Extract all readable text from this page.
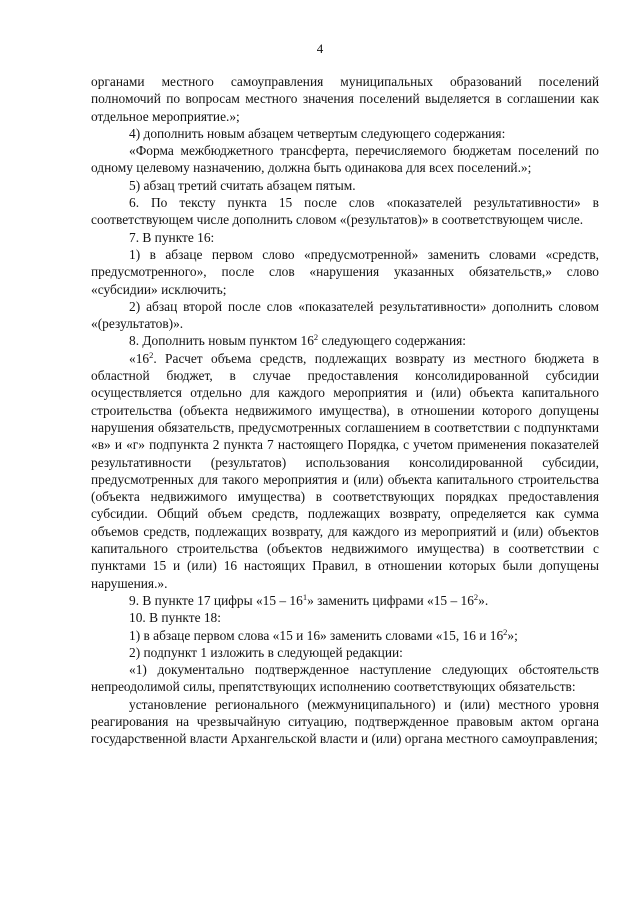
4

органами местного самоуправления муниципальных образований поселений полномочий по вопросам местного значения поселений выделяется в соглашении как отдельное мероприятие.»;

4) дополнить новым абзацем четвертым следующего содержания:

«Форма межбюджетного трансферта, перечисляемого бюджетам поселений по одному целевому назначению, должна быть одинакова для всех поселений.»;

5) абзац третий считать абзацем пятым.

6. По тексту пункта 15 после слов «показателей результативности» в соответствующем числе дополнить словом «(результатов)» в соответствующем числе.

7. В пункте 16:

1) в абзаце первом слово «предусмотренной» заменить словами «средств, предусмотренного», после слов «нарушения указанных обязательств,» слово «субсидии» исключить;

2) абзац второй после слов «показателей результативности» дополнить словом «(результатов)».

8. Дополнить новым пунктом $16^2$ следующего содержания:

«$16^2$. Расчет объема средств, подлежащих возврату из местного бюджета в областной бюджет, в случае предоставления консолидированной субсидии осуществляется отдельно для каждого мероприятия и (или) объекта капитального строительства (объекта недвижимого имущества), в отношении которого допущены нарушения обязательств, предусмотренных соглашением в соответствии с подпунктами «в» и «г» подпункта 2 пункта 7 настоящего Порядка, с учетом применения показателей результативности (результатов) использования консолидированной субсидии, предусмотренных для такого мероприятия и (или) объекта капитального строительства (объекта недвижимого имущества) в соответствующих порядках предоставления субсидии. Общий объем средств, подлежащих возврату, определяется как сумма объемов средств, подлежащих возврату, для каждого из мероприятий и (или) объектов капитального строительства (объектов недвижимого имущества) в соответствии с пунктами 15 и (или) 16 настоящих Правил, в отношении которых были допущены нарушения.».

9. В пункте 17 цифры «$15 - 16^1$» заменить цифрами «$15 - 16^2$».

10. В пункте 18:

1) в абзаце первом слова «15 и 16» заменить словами «15, 16 и $16^2$»;

2) подпункт 1 изложить в следующей редакции:

«1) документально подтвержденное наступление следующих обстоятельств непреодолимой силы, препятствующих исполнению соответствующих обязательств:

установление регионального (межмуниципального) и (или) местного уровня реагирования на чрезвычайную ситуацию, подтвержденное правовым актом органа государственной власти Архангельской власти и (или) органа местного самоуправления;
